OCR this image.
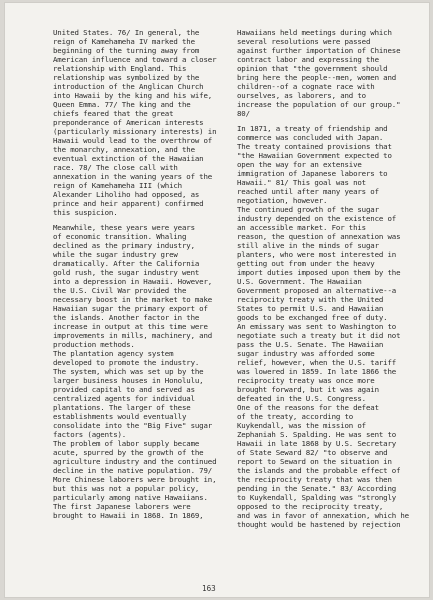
United States. 76/ In general, the
reign of Kamehameha IV marked the
beginning of the turning away from
American influence and toward a closer
relationship with England. This
relationship was symbolized by the
introduction of the Anglican Church
into Hawaii by the king and his wife,
Queen Emma. 77/ The king and the
chiefs feared that the great
preponderance of American interests
(particularly missionary interests) in
Hawaii would lead to the overthrow of
the monarchy, annexation, and the
eventual extinction of the Hawaiian
race. 78/ The close call with
annexation in the waning years of the
reign of Kamehameha III (which
Alexander Liholiho had opposed, as
prince and heir apparent) confirmed
this suspicion.
Meanwhile, these years were years
of economic transition. Whaling
declined as the primary industry,
while the sugar industry grew
dramatically. After the California
gold rush, the sugar industry went
into a depression in Hawaii. However,
the U.S. Civil War provided the
necessary boost in the market to make
Hawaiian sugar the primary export of
the islands. Another factor in the
increase in output at this time were
improvements in mills, machinery, and
production methods.
The plantation agency system
developed to promote the industry.
The system, which was set up by the
larger business houses in Honolulu,
provided capital to and served as
centralized agents for individual
plantations. The larger of these
establishments would eventually
consolidate into the "Big Five" sugar
factors (agents).
The problem of labor supply became
acute, spurred by the growth of the
agriculture industry and the continued
decline in the native population. 79/
More Chinese laborers were brought in,
but this was not a popular policy,
particularly among native Hawaiians.
The first Japanese laborers were
brought to Hawaii in 1868. In 1869,
Hawaiians held meetings during which
several resolutions were passed
against further importation of Chinese
contract labor and expressing the
opinion that "the government should
bring here the people--men, women and
children--of a cognate race with
ourselves, as laborers, and to
increase the population of our group."
80/
In 1871, a treaty of friendship and
commerce was concluded with Japan.
The treaty contained provisions that
"the Hawaiian Government expected to
open the way for an extensive
immigration of Japanese laborers to
Hawaii." 81/ This goal was not
reached until after many years of
negotiation, however.
The continued growth of the sugar
industry depended on the existence of
an accessible market. For this
reason, the question of annexation was
still alive in the minds of sugar
planters, who were most interested in
getting out from under the heavy
import duties imposed upon them by the
U.S. Government. The Hawaiian
Government proposed an alternative--a
reciprocity treaty with the United
States to permit U.S. and Hawaiian
goods to be exchanged free of duty.
An emissary was sent to Washington to
negotiate such a treaty but it did not
pass the U.S. Senate. The Hawaiian
sugar industry was afforded some
relief, however, when the U.S. tariff
was lowered in 1859. In late 1866 the
reciprocity treaty was once more
brought forward, but it was again
defeated in the U.S. Congress.
One of the reasons for the defeat
of the treaty, according to
Kuykendall, was the mission of
Zephaniah S. Spalding. He was sent to
Hawaii in late 1868 by U.S. Secretary
of State Seward 82/ "to observe and
report to Seward on the situation in
the islands and the probable effect of
the reciprocity treaty that was then
pending in the Senate." 83/ According
to Kuykendall, Spalding was "strongly
opposed to the reciprocity treaty,
and was in favor of annexation, which he
thought would be hastened by rejection
163
